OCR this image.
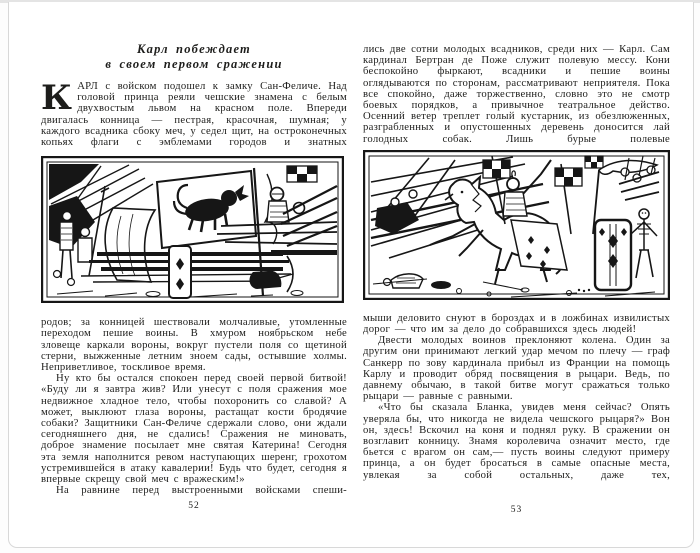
Карл побеждает
в своем первом сражении

КАРЛ с войском подошел к замку Сан-Феличе. Над головой принца реяли чешские знамена с белым двухвостым львом на красном поле. Впереди двигалась конница — пестрая, красочная, шумная; у каждого всадника сбоку меч, у седел щит, на остроконечных копьях флаги с эмблемами городов и знатных

родов; за конницей шествовали молчаливые, утомленные переходом пешие воины. В хмуром ноябрьском небе зловеще каркали вороны, вокруг пустели поля со щетиной стерни, выжженные летним зноем сады, остывшие холмы. Неприветливое, тоскливое время.

Ну кто бы остался спокоен перед своей первой битвой! «Буду ли я завтра жив? Или унесут с поля сражения мое недвижное хладное тело, чтобы похоронить со славой? А может, выклюют глаза вороны, растащат кости бродячие собаки? Защитники Сан-Феличе сдержали слово, они ждали сегодняшнего дня, не сдались! Сражения не миновать, доброе знамение посылает мне святая Катерина! Сегодня эта земля наполнится ревом наступающих шеренг, грохотом устремившейся в атаку кавалерии! Будь что будет, сегодня я впервые скрещу свой меч с вражеским!»

На равнине перед выстроенными войсками спеши-

52

лись две сотни молодых всадников, среди них — Карл. Сам кардинал Бертран де Поже служит полевую мессу. Кони беспокойно фыркают, всадники и пешие воины оглядываются по сторонам, рассматривают неприятеля. Пока все спокойно, даже торжественно, словно это не смотр боевых порядков, а привычное театральное действо. Осенний ветер треплет голый кустарник, из обезлюженных, разграбленных и опустошенных деревень доносится лай голодных собак. Лишь бурые полевые

мыши деловито снуют в бороздах и в ложбинах извилистых дорог — что им за дело до собравшихся здесь людей!

Двести молодых воинов преклоняют колена. Один за другим они принимают легкий удар мечом по плечу — граф Санкерр по зову кардинала прибыл из Франции на помощь Карлу и проводит обряд посвящения в рыцари. Ведь, по давнему обычаю, в такой битве могут сражаться только рыцари — равные с равными.

«Что бы сказала Бланка, увидев меня сейчас? Опять уверяла бы, что никогда не видела чешского рыцаря?» Вон он, здесь! Вскочил на коня и поднял руку. В сражении он возглавит конницу. Знамя королевича означит место, где бьется с врагом он сам,— пусть воины следуют примеру принца, а он будет бросаться в самые опасные места, увлекая за собой остальных, даже тех,

53
